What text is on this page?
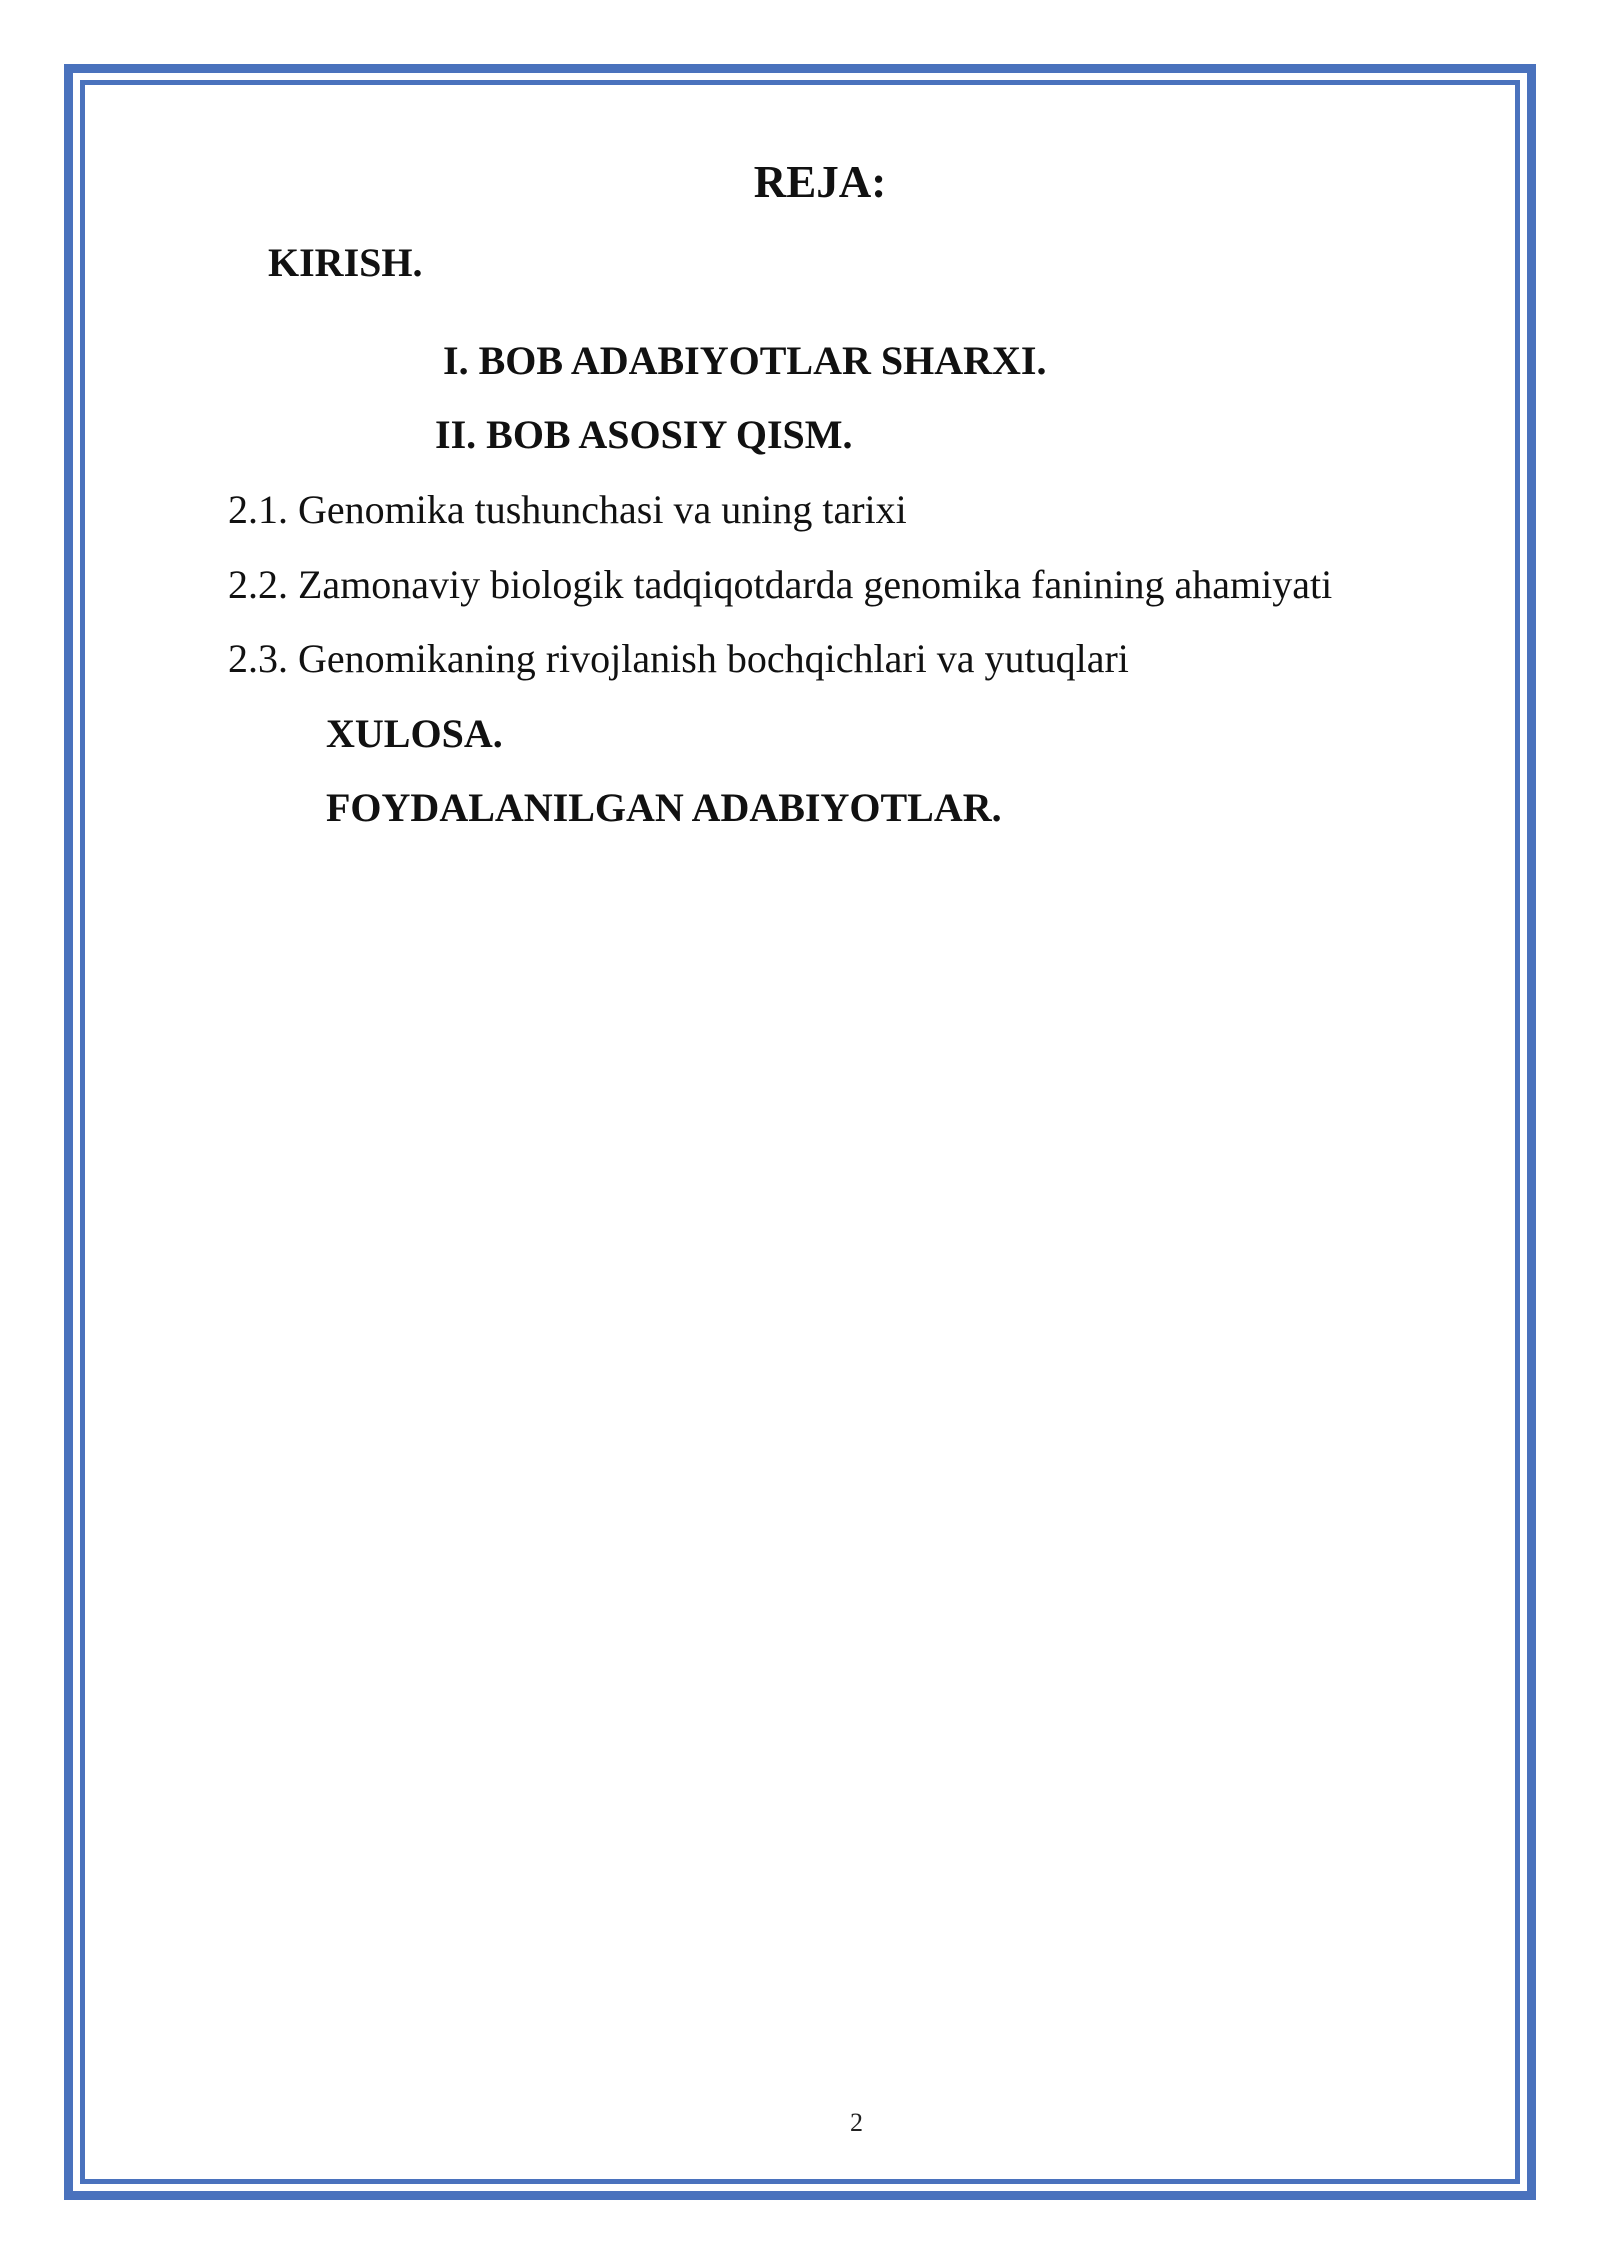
REJA:
KIRISH.
I. BOB ADABIYOTLAR SHARXI.
II. BOB ASOSIY QISM.
2.1. Genomika tushunchasi va uning tarixi
2.2. Zamonaviy biologik tadqiqotdarda genomika fanining ahamiyati
2.3. Genomikaning rivojlanish bochqichlari va yutuqlari
XULOSA.
FOYDALANILGAN ADABIYOTLAR.
2
